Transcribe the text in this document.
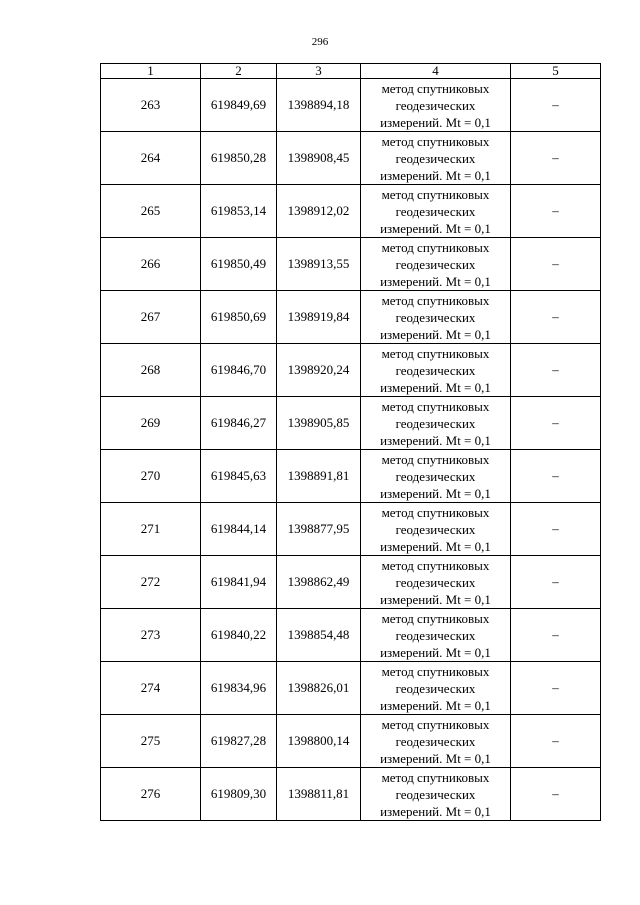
296
1	2	3	4	5
263	619849,69	1398894,18	метод спутниковых
геодезических
измерений. Mt = 0,1	–
264	619850,28	1398908,45	метод спутниковых
геодезических
измерений. Mt = 0,1	–
265	619853,14	1398912,02	метод спутниковых
геодезических
измерений. Mt = 0,1	–
266	619850,49	1398913,55	метод спутниковых
геодезических
измерений. Mt = 0,1	–
267	619850,69	1398919,84	метод спутниковых
геодезических
измерений. Mt = 0,1	–
268	619846,70	1398920,24	метод спутниковых
геодезических
измерений. Mt = 0,1	–
269	619846,27	1398905,85	метод спутниковых
геодезических
измерений. Mt = 0,1	–
270	619845,63	1398891,81	метод спутниковых
геодезических
измерений. Mt = 0,1	–
271	619844,14	1398877,95	метод спутниковых
геодезических
измерений. Mt = 0,1	–
272	619841,94	1398862,49	метод спутниковых
геодезических
измерений. Mt = 0,1	–
273	619840,22	1398854,48	метод спутниковых
геодезических
измерений. Mt = 0,1	–
274	619834,96	1398826,01	метод спутниковых
геодезических
измерений. Mt = 0,1	–
275	619827,28	1398800,14	метод спутниковых
геодезических
измерений. Mt = 0,1	–
276	619809,30	1398811,81	метод спутниковых
геодезических
измерений. Mt = 0,1	–
